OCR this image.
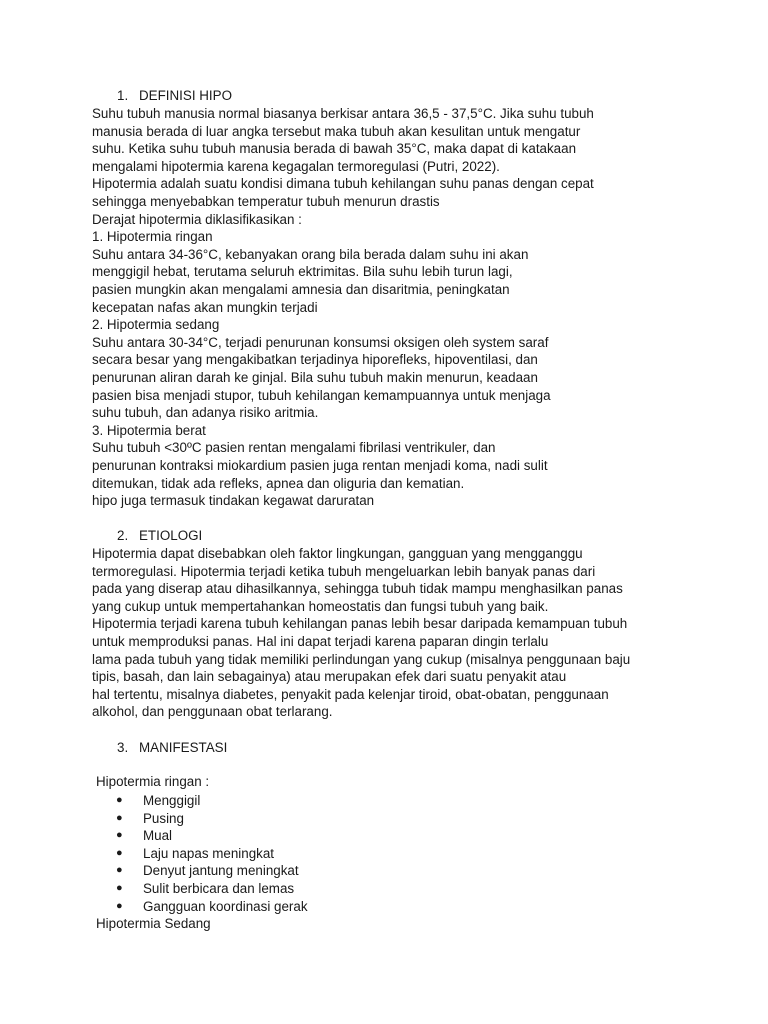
1. DEFINISI HIPO
Suhu tubuh manusia normal biasanya berkisar antara 36,5 - 37,5°C. Jika suhu tubuh
manusia berada di luar angka tersebut maka tubuh akan kesulitan untuk mengatur
suhu. Ketika suhu tubuh manusia berada di bawah 35°C, maka dapat di katakaan
mengalami hipotermia karena kegagalan termoregulasi (Putri, 2022).
Hipotermia adalah suatu kondisi dimana tubuh kehilangan suhu panas dengan cepat
sehingga menyebabkan temperatur tubuh menurun drastis
Derajat hipotermia diklasifikasikan :
1. Hipotermia ringan
Suhu antara 34-36°C, kebanyakan orang bila berada dalam suhu ini akan
menggigil hebat, terutama seluruh ektrimitas. Bila suhu lebih turun lagi,
pasien mungkin akan mengalami amnesia dan disaritmia, peningkatan
kecepatan nafas akan mungkin terjadi
2. Hipotermia sedang
Suhu antara 30-34°C, terjadi penurunan konsumsi oksigen oleh system saraf
secara besar yang mengakibatkan terjadinya hiporefleks, hipoventilasi, dan
penurunan aliran darah ke ginjal. Bila suhu tubuh makin menurun, keadaan
pasien bisa menjadi stupor, tubuh kehilangan kemampuannya untuk menjaga
suhu tubuh, dan adanya risiko aritmia.
3. Hipotermia berat
Suhu tubuh <30ºC pasien rentan mengalami fibrilasi ventrikuler, dan
penurunan kontraksi miokardium pasien juga rentan menjadi koma, nadi sulit
ditemukan, tidak ada refleks, apnea dan oliguria dan kematian.
hipo juga termasuk tindakan kegawat daruratan
2. ETIOLOGI
Hipotermia dapat disebabkan oleh faktor lingkungan, gangguan yang mengganggu
termoregulasi. Hipotermia terjadi ketika tubuh mengeluarkan lebih banyak panas dari
pada yang diserap atau dihasilkannya, sehingga tubuh tidak mampu menghasilkan panas
yang cukup untuk mempertahankan homeostatis dan fungsi tubuh yang baik.
Hipotermia terjadi karena tubuh kehilangan panas lebih besar daripada kemampuan tubuh
untuk memproduksi panas. Hal ini dapat terjadi karena paparan dingin terlalu
lama pada tubuh yang tidak memiliki perlindungan yang cukup (misalnya penggunaan baju
tipis, basah, dan lain sebagainya) atau merupakan efek dari suatu penyakit atau
hal tertentu, misalnya diabetes, penyakit pada kelenjar tiroid, obat-obatan, penggunaan
alkohol, dan penggunaan obat terlarang.
3. MANIFESTASI
Hipotermia ringan :
● Menggigil
● Pusing
● Mual
● Laju napas meningkat
● Denyut jantung meningkat
● Sulit berbicara dan lemas
● Gangguan koordinasi gerak
Hipotermia Sedang
